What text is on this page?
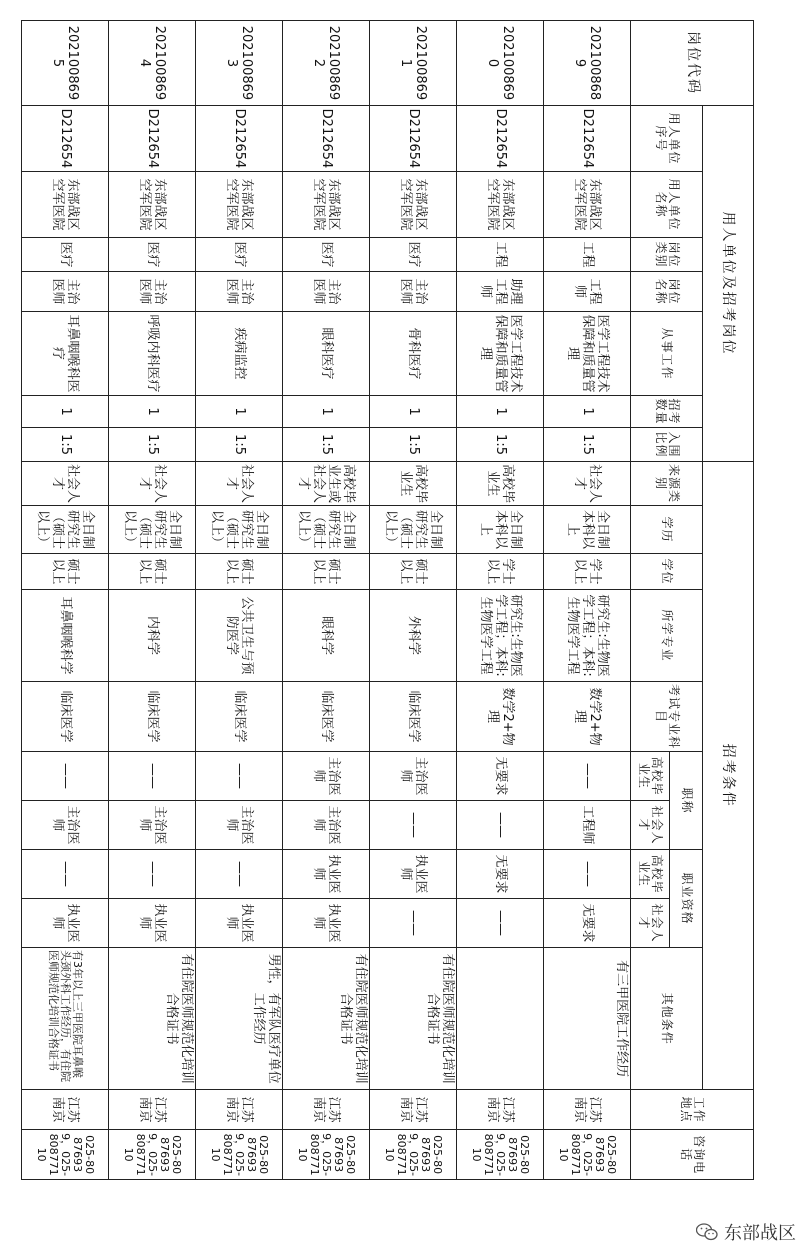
岗位代码	用人单位及招考岗位							招考条件										工作地点	咨询电话
	用人单位序号	用人单位名称	岗位类别	岗位名称	从事工作	招考数量	入围比例	来源类别	学历	学位	所学专业	考试专业科目	职称		职业资格		其他条件		
													高校毕业生	社会人才	高校毕业生	社会人才			
2021008689	D212654	东部战区空军医院	工程	工程师	医学工程技术保障和质量管理	1	1:5	社会人才	全日制本科以上	学士以上	研究生:生物医学工程；本科:生物医学工程	数学2+物理	——	工程师	——	无要求	有三甲医院工作经历	江苏南京	025-80876939，025-80877110
2021008690	D212654	东部战区空军医院	工程	助理工程师	医学工程技术保障和质量管理	1	1:5	高校毕业生	全日制本科以上	学士以上	研究生:生物医学工程；本科:生物医学工程	数学2+物理	无要求	——	无要求	——		江苏南京	025-80876939，025-80877110
2021008691	D212654	东部战区空军医院	医疗	主治医师	骨科医疗	1	1:5	高校毕业生	全日制研究生（硕士以上）	硕士以上	外科学	临床医学	主治医师	——	执业医师	——	有住院医师规范化培训合格证书	江苏南京	025-80876939，025-80877110
2021008692	D212654	东部战区空军医院	医疗	主治医师	眼科医疗	1	1:5	高校毕业生或社会人才	全日制研究生（硕士以上）	硕士以上	眼科学	临床医学	主治医师	主治医师	执业医师	执业医师	有住院医师规范化培训合格证书	江苏南京	025-80876939，025-80877110
2021008693	D212654	东部战区空军医院	医疗	主治医师	疾病监控	1	1:5	社会人才	全日制研究生（硕士以上）	硕士以上	公共卫生与预防医学	临床医学	——	主治医师	——	执业医师	男性，有军队医疗单位工作经历	江苏南京	025-80876939，025-80877110
2021008694	D212654	东部战区空军医院	医疗	主治医师	呼吸内科医疗	1	1:5	社会人才	全日制研究生（硕士以上）	硕士以上	内科学	临床医学	——	主治医师	——	执业医师	有住院医师规范化培训合格证书	江苏南京	025-80876939，025-80877110
2021008695	D212654	东部战区空军医院	医疗	主治医师	耳鼻咽喉科医疗	1	1:5	社会人才	全日制研究生（硕士以上）	硕士以上	耳鼻咽喉科学	临床医学	——	主治医师	——	执业医师	有3年以上三甲医院耳鼻喉头颈外科工作经历，有住院医师规范化培训合格证书	江苏南京	025-80876939，025-80877110
东部战区
